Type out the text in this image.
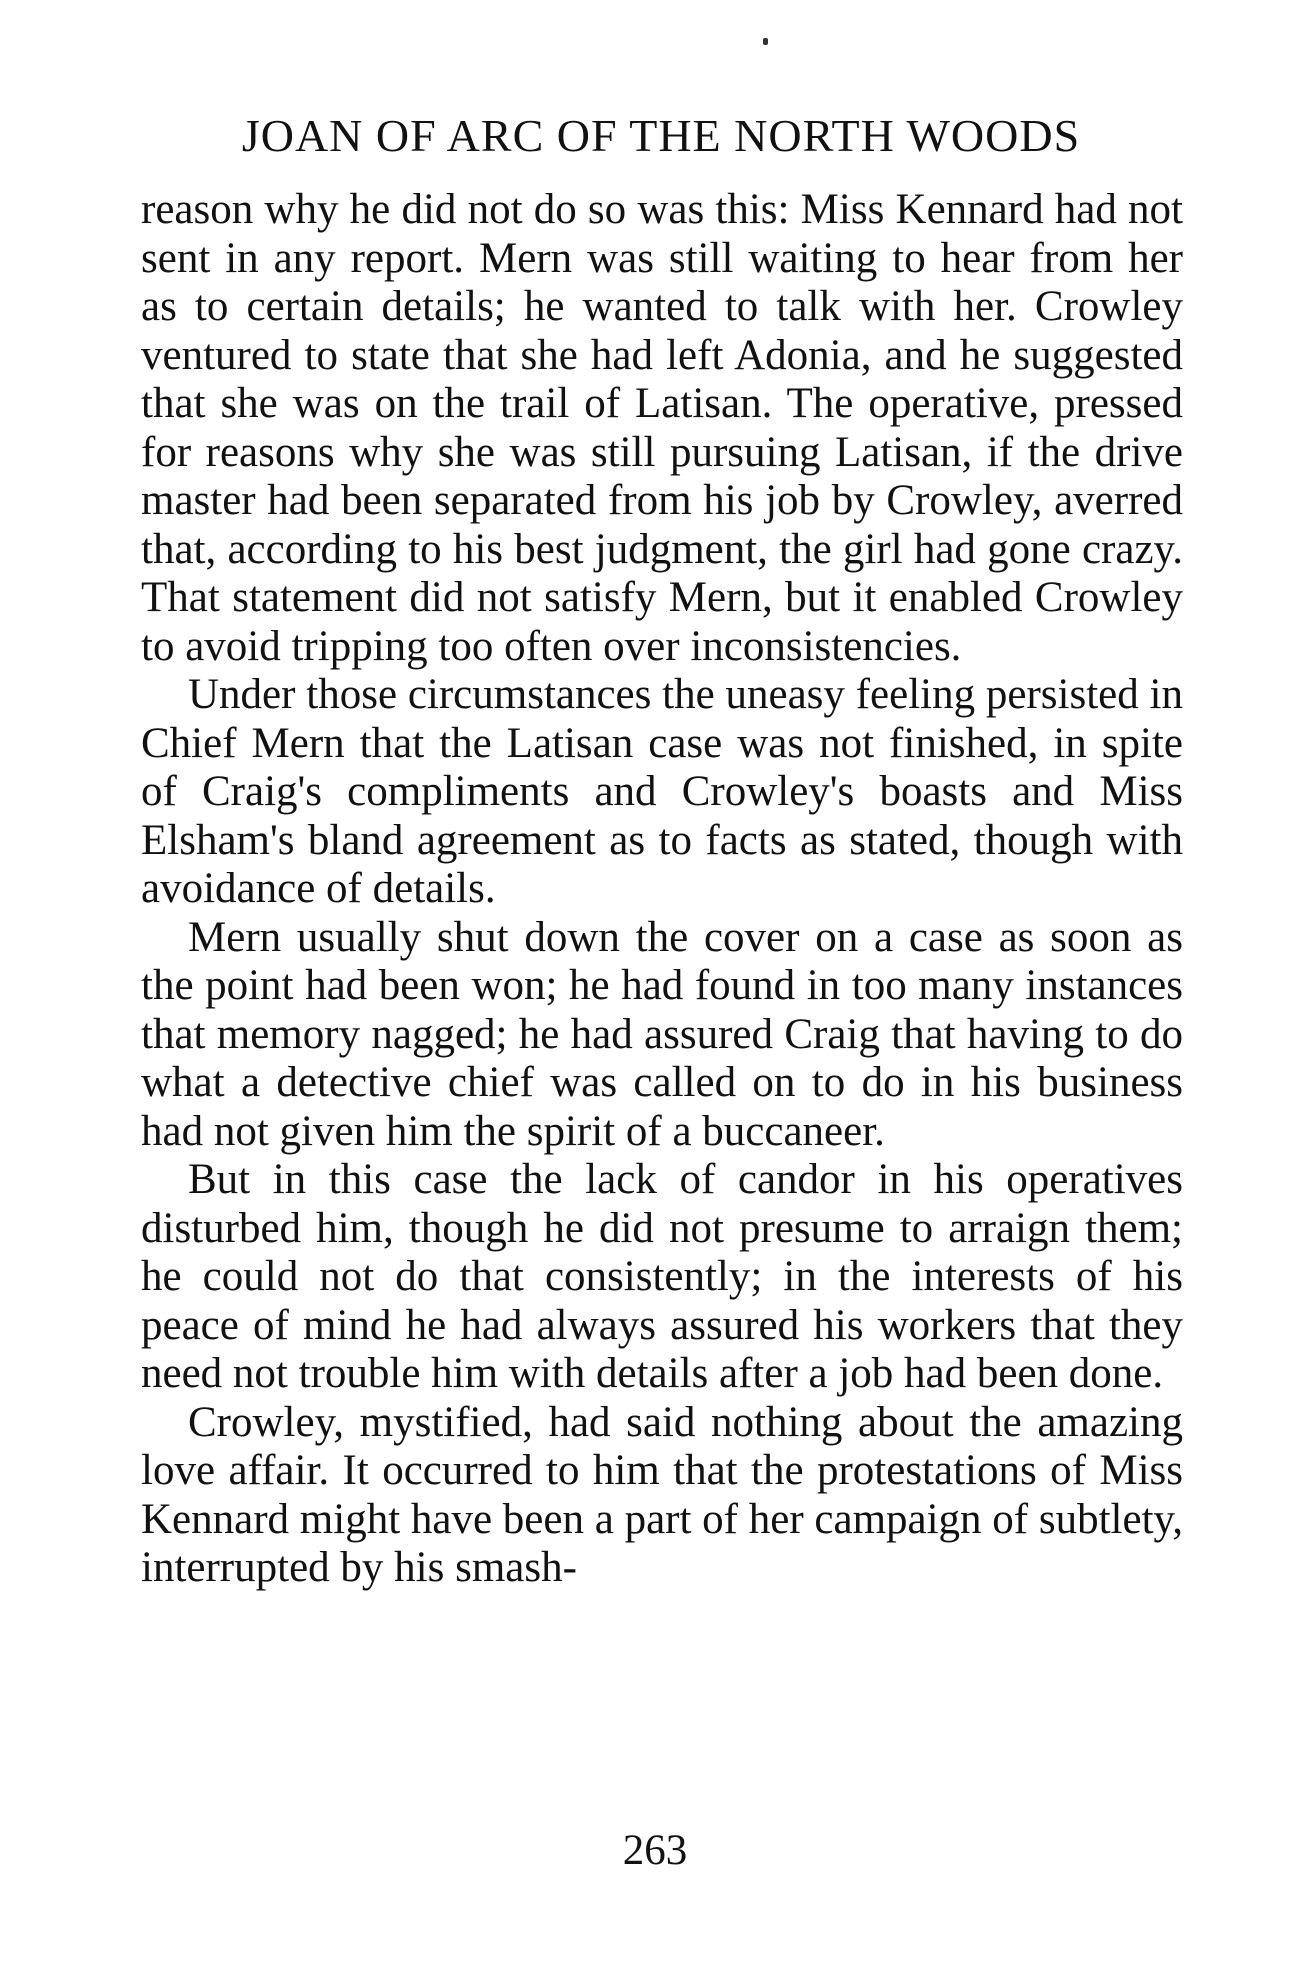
JOAN OF ARC OF THE NORTH WOODS

reason why he did not do so was this: Miss Kennard had not sent in any report. Mern was still waiting to hear from her as to certain details; he wanted to talk with her. Crowley ventured to state that she had left Adonia, and he suggested that she was on the trail of Latisan. The operative, pressed for reasons why she was still pursuing Latisan, if the drive master had been separated from his job by Crowley, averred that, according to his best judgment, the girl had gone crazy. That statement did not satisfy Mern, but it enabled Crowley to avoid tripping too often over inconsistencies.

Under those circumstances the uneasy feeling persisted in Chief Mern that the Latisan case was not finished, in spite of Craig's compliments and Crowley's boasts and Miss Elsham's bland agreement as to facts as stated, though with avoidance of details.

Mern usually shut down the cover on a case as soon as the point had been won; he had found in too many instances that memory nagged; he had assured Craig that having to do what a detective chief was called on to do in his business had not given him the spirit of a buccaneer.

But in this case the lack of candor in his operatives disturbed him, though he did not presume to arraign them; he could not do that consistently; in the interests of his peace of mind he had always assured his workers that they need not trouble him with details after a job had been done.

Crowley, mystified, had said nothing about the amazing love affair. It occurred to him that the protestations of Miss Kennard might have been a part of her campaign of subtlety, interrupted by his smash-

263
